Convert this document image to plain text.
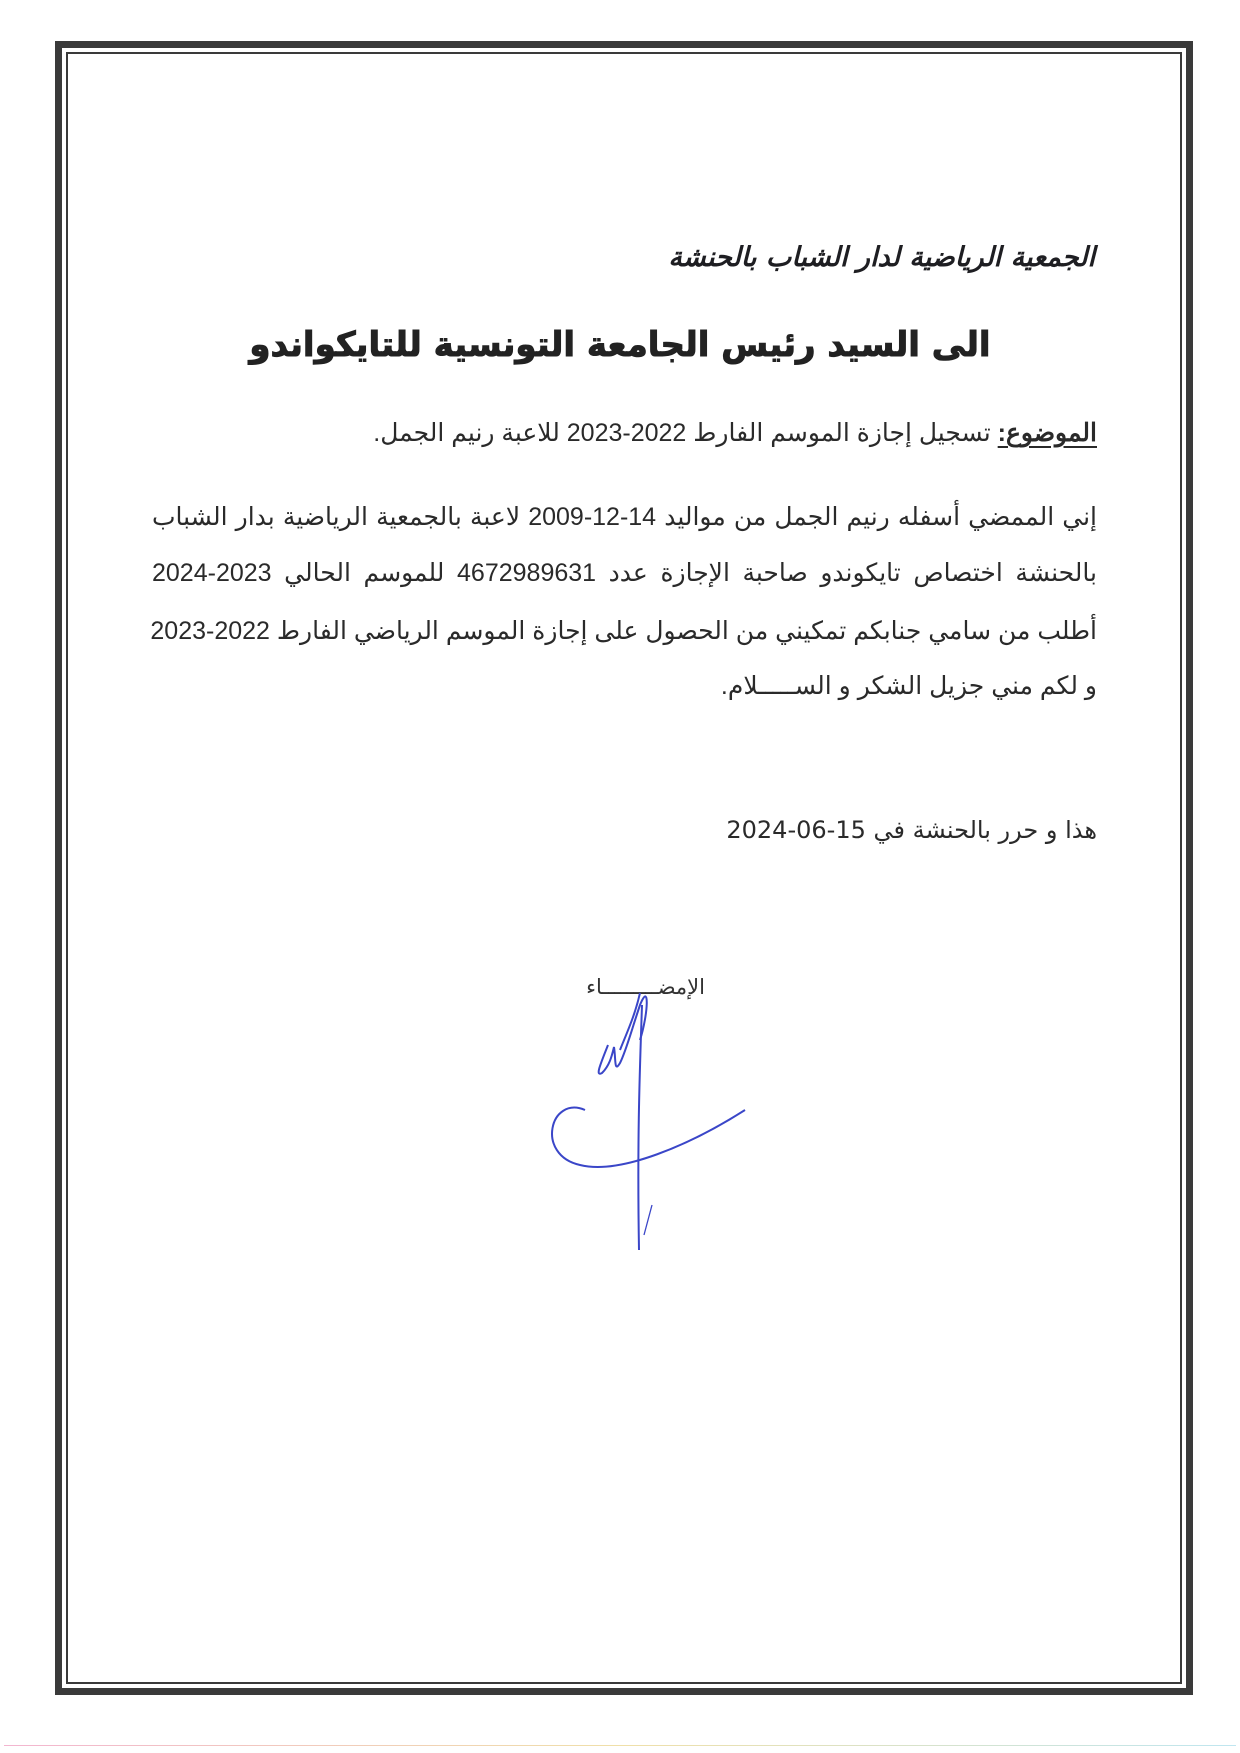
الجمعية الرياضية لدار الشباب بالحنشة
الى السيد رئيس الجامعة التونسية للتايكواندو
الموضوع: تسجيل إجازة الموسم الفارط 2022-2023 للاعبة رنيم الجمل.
إني الممضي أسفله رنيم الجمل من مواليد 14-12-2009 لاعبة بالجمعية الرياضية بدار الشباب
بالحنشة اختصاص تايكوندو صاحبة الإجازة عدد 4672989631 للموسم الحالي 2023-2024
أطلب من سامي جنابكم تمكيني من الحصول على إجازة الموسم الرياضي الفارط 2022-2023
و لكم مني جزيل الشكر و الســـــلام.
هذا و حرر بالحنشة في 15-06-2024
الإمضـــــــــاء
